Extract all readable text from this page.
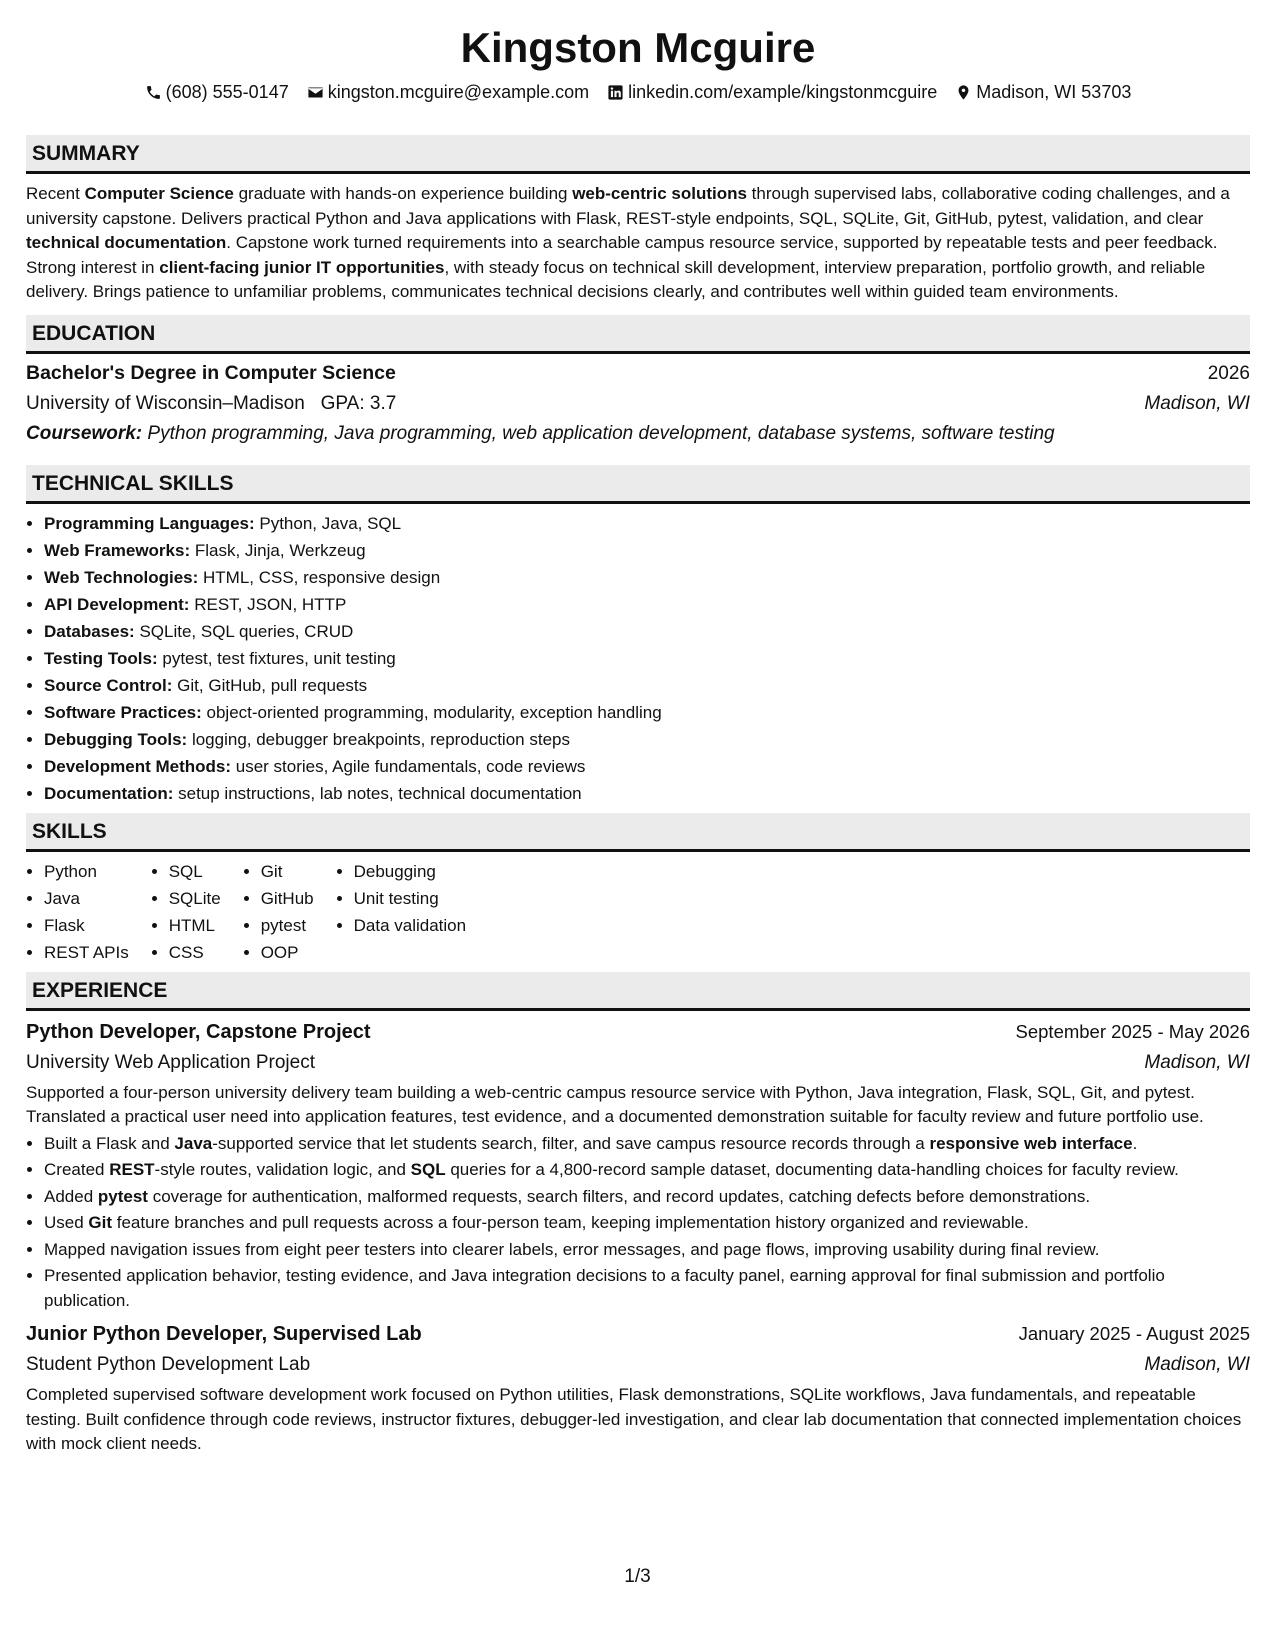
Kingston Mcguire
(608) 555-0147 kingston.mcguire@example.com linkedin.com/example/kingstonmcguire Madison, WI 53703
SUMMARY

Recent Computer Science graduate with hands-on experience building web-centric solutions through supervised labs, collaborative coding challenges, and a university capstone. Delivers practical Python and Java applications with Flask, REST-style endpoints, SQL, SQLite, Git, GitHub, pytest, validation, and clear technical documentation. Capstone work turned requirements into a searchable campus resource service, supported by repeatable tests and peer feedback. Strong interest in client-facing junior IT opportunities, with steady focus on technical skill development, interview preparation, portfolio growth, and reliable delivery. Brings patience to unfamiliar problems, communicates technical decisions clearly, and contributes well within guided team environments.

EDUCATION
Bachelor's Degree in Computer Science	2026
University of Wisconsin–Madison GPA: 3.7	Madison, WI
Coursework: Python programming, Java programming, web application development, database systems, software testing
TECHNICAL SKILLS
• Programming Languages: Python, Java, SQL
• Web Frameworks: Flask, Jinja, Werkzeug
• Web Technologies: HTML, CSS, responsive design
• API Development: REST, JSON, HTTP
• Databases: SQLite, SQL queries, CRUD
• Testing Tools: pytest, test fixtures, unit testing
• Source Control: Git, GitHub, pull requests
• Software Practices: object-oriented programming, modularity, exception handling
• Debugging Tools: logging, debugger breakpoints, reproduction steps
• Development Methods: user stories, Agile fundamentals, code reviews
• Documentation: setup instructions, lab notes, technical documentation
SKILLS
• Python
• Java
• Flask
• REST APIs
• SQL
• SQLite
• HTML
• CSS
• Git
• GitHub
• pytest
• OOP
• Debugging
• Unit testing
• Data validation
EXPERIENCE
Python Developer, Capstone Project	September 2025 - May 2026
University Web Application Project	Madison, WI

Supported a four-person university delivery team building a web-centric campus resource service with Python, Java integration, Flask, SQL, Git, and pytest. Translated a practical user need into application features, test evidence, and a documented demonstration suitable for faculty review and future portfolio use.

• Built a Flask and Java-supported service that let students search, filter, and save campus resource records through a responsive web interface.
• Created REST-style routes, validation logic, and SQL queries for a 4,800-record sample dataset, documenting data-handling choices for faculty review.
• Added pytest coverage for authentication, malformed requests, search filters, and record updates, catching defects before demonstrations.
• Used Git feature branches and pull requests across a four-person team, keeping implementation history organized and reviewable.
• Mapped navigation issues from eight peer testers into clearer labels, error messages, and page flows, improving usability during final review.
• Presented application behavior, testing evidence, and Java integration decisions to a faculty panel, earning approval for final submission and portfolio publication.
Junior Python Developer, Supervised Lab	January 2025 - August 2025
Student Python Development Lab	Madison, WI

Completed supervised software development work focused on Python utilities, Flask demonstrations, SQLite workflows, Java fundamentals, and repeatable testing. Built confidence through code reviews, instructor fixtures, debugger-led investigation, and clear lab documentation that connected implementation choices with mock client needs.

1/3
